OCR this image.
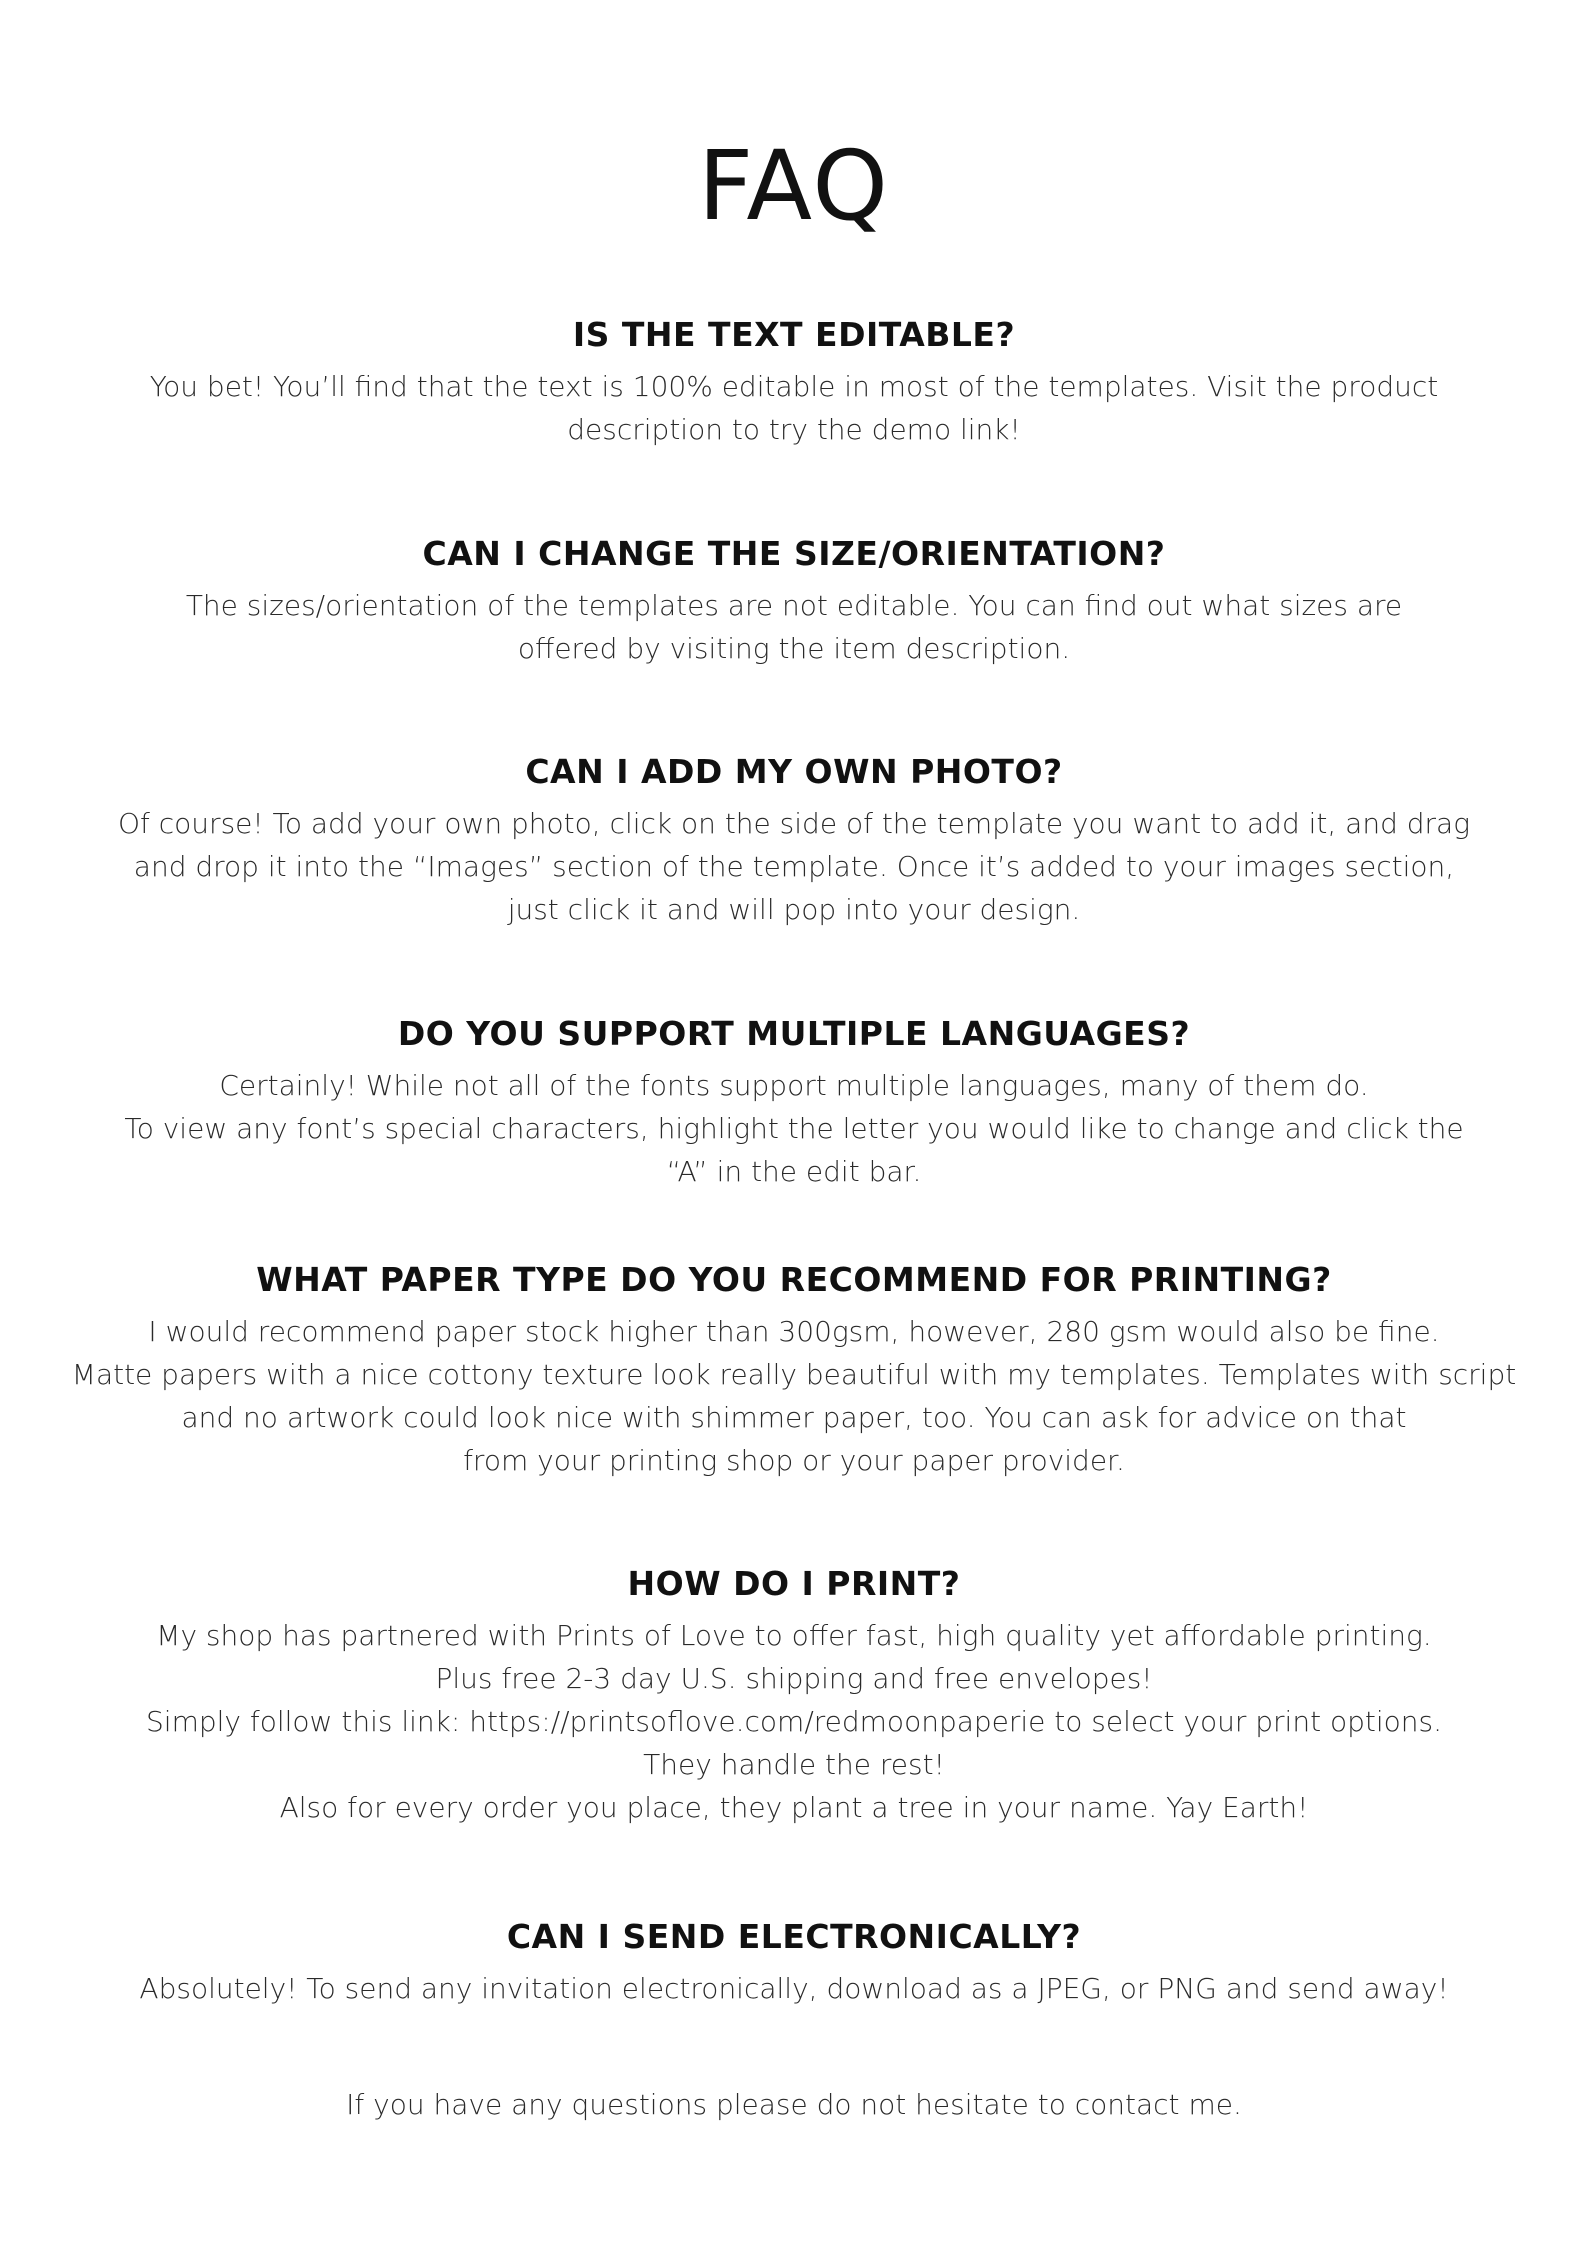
FAQ
IS THE TEXT EDITABLE?

You bet! You’ll find that the text is 100% editable in most of the templates. Visit the product
description to try the demo link!

CAN I CHANGE THE SIZE/ORIENTATION?

The sizes/orientation of the templates are not editable. You can find out what sizes are
offered by visiting the item description.

CAN I ADD MY OWN PHOTO?

Of course! To add your own photo, click on the side of the template you want to add it, and drag
and drop it into the “Images” section of the template. Once it’s added to your images section,
just click it and will pop into your design.

DO YOU SUPPORT MULTIPLE LANGUAGES?

Certainly! While not all of the fonts support multiple languages, many of them do.
To view any font’s special characters, highlight the letter you would like to change and click the
“A” in the edit bar.

WHAT PAPER TYPE DO YOU RECOMMEND FOR PRINTING?

I would recommend paper stock higher than 300gsm, however, 280 gsm would also be fine.
Matte papers with a nice cottony texture look really beautiful with my templates. Templates with script
and no artwork could look nice with shimmer paper, too. You can ask for advice on that
from your printing shop or your paper provider.

HOW DO I PRINT?

My shop has partnered with Prints of Love to offer fast, high quality yet affordable printing.
Plus free 2-3 day U.S. shipping and free envelopes!
Simply follow this link: https://printsoflove.com/redmoonpaperie to select your print options.
They handle the rest!
Also for every order you place, they plant a tree in your name. Yay Earth!

CAN I SEND ELECTRONICALLY?

Absolutely! To send any invitation electronically, download as a JPEG, or PNG and send away!

If you have any questions please do not hesitate to contact me.
